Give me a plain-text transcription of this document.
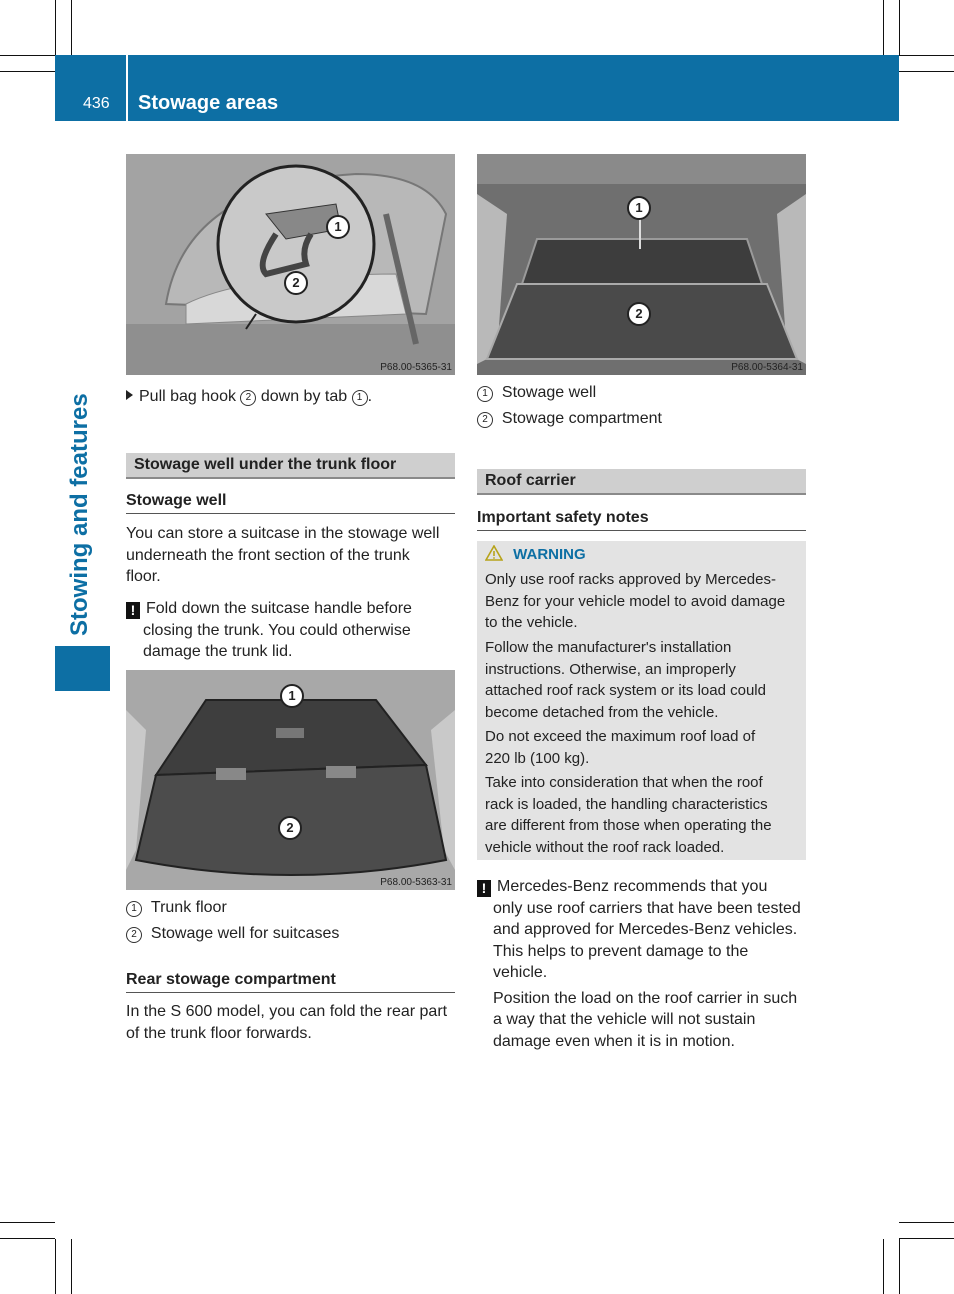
436 Stowage areas
Stowing and features
1
2
P68.00-5365-31
1
2
P68.00-5364-31
Pull bag hook 2 down by tab 1 .
Stowage well under the trunk floor
Stowage well
You can store a suitcase in the stowage well
underneath the front section of the trunk
floor.
! Fold down the suitcase handle before
closing the trunk. You could otherwise
damage the trunk lid.
1
2
P68.00-5363-31
1 Trunk floor
2 Stowage well for suitcases
Rear stowage compartment
In the S 600 model, you can fold the rear part
of the trunk floor forwards.
1 Stowage well
2 Stowage compartment
Roof carrier
Important safety notes
WARNING
Only use roof racks approved by Mercedes-
Benz for your vehicle model to avoid damage
to the vehicle.
Follow the manufacturer's installation
instructions. Otherwise, an improperly
attached roof rack system or its load could
become detached from the vehicle.
Do not exceed the maximum roof load of
220 lb (100 kg).
Take into consideration that when the roof
rack is loaded, the handling characteristics
are different from those when operating the
vehicle without the roof rack loaded.
! Mercedes-Benz recommends that you
only use roof carriers that have been tested
and approved for Mercedes-Benz vehicles.
This helps to prevent damage to the
vehicle.
Position the load on the roof carrier in such
a way that the vehicle will not sustain
damage even when it is in motion.
